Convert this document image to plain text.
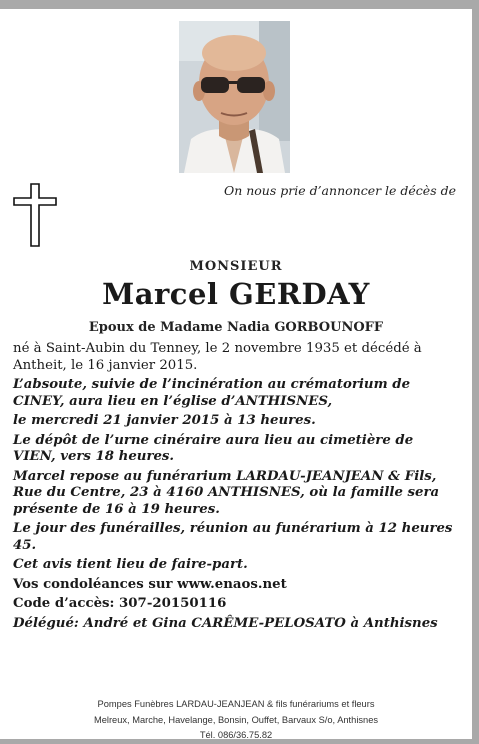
On nous prie d’annoncer le décès de
MONSIEUR
Marcel GERDAY
Epoux de Madame Nadia GORBOUNOFF

né à Saint-Aubin du Tenney, le 2 novembre 1935 et décédé à Antheit, le 16 janvier 2015.

L’absoute, suivie de l’incinération au crématorium de CINEY, aura lieu en l’église d’ANTHISNES,

le mercredi 21 janvier 2015 à 13 heures.

Le dépôt de l’urne cinéraire aura lieu au cimetière de VIEN, vers 18 heures.

Marcel repose au funérarium LARDAU-JEANJEAN & Fils, Rue du Centre, 23 à 4160 ANTHISNES, où la famille sera présente de 16 à 19 heures.

Le jour des funérailles, réunion au funérarium à 12 heures 45.

Cet avis tient lieu de faire-part.

Vos condoléances sur www.enaos.net

Code d’accès: 307-20150116

Délégué: André et Gina CARÊME-PELOSATO à Anthisnes

Pompes Funèbres LARDAU-JEANJEAN & fils funérariums et fleurs
Melreux, Marche, Havelange, Bonsin, Ouffet, Barvaux S/o, Anthisnes
Tél. 086/36.75.82
